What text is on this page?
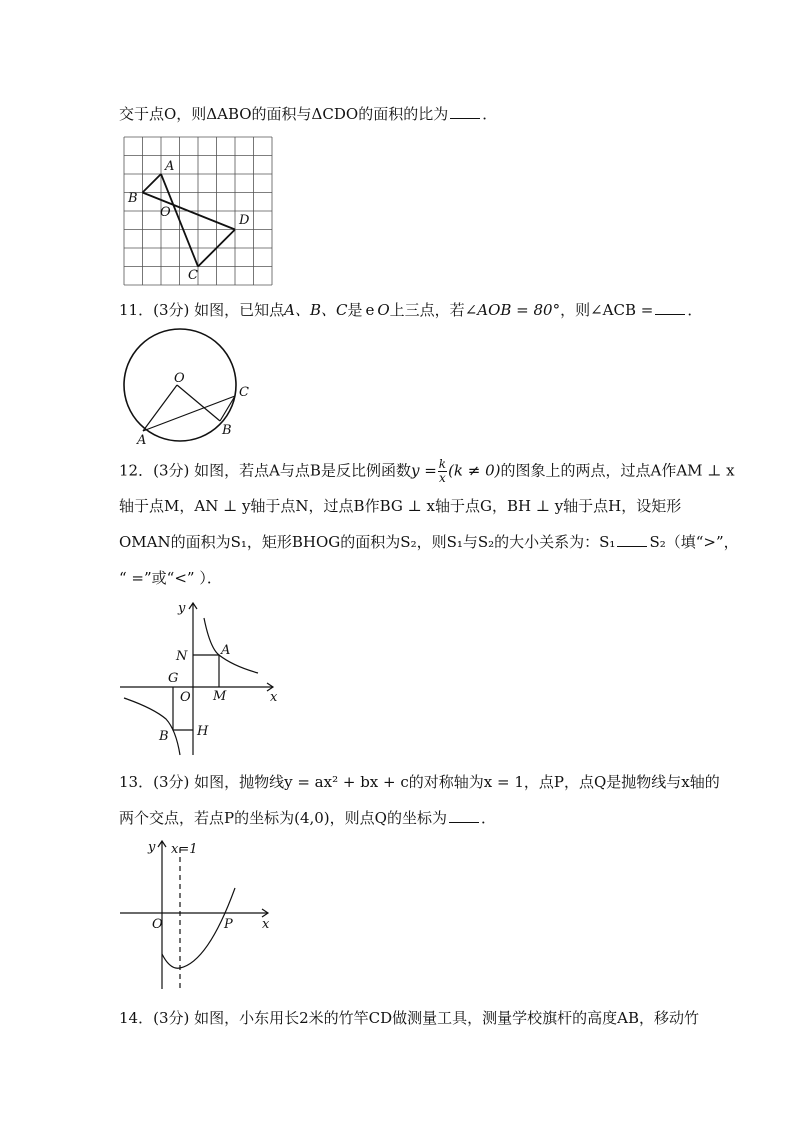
交于点O，则ΔABO的面积与ΔCDO的面积的比为 ．
A
B
O
D
C
11．(3分) 如图，已知点A、B、C是 e O上三点，若∠AOB = 80°，则∠ACB = ．
O
A
B
C
12．(3分) 如图，若点A与点B是反比例函数$y = \frac{k}{x} (k \ne 0)$的图象上的两点，过点A作AM ⊥ x
轴于点M，AN ⊥ y轴于点N，过点B作BG ⊥ x轴于点G，BH ⊥ y轴于点H，设矩形
OMAN的面积为S₁，矩形BHOG的面积为S₂，则S₁与S₂的大小关系为：S₁ S₂（填“>”，
“ =”或“<” ）．
y
x
N	A
G
O M
B H
13．(3分) 如图，抛物线y = ax² + bx + c的对称轴为x = 1，点P，点Q是抛物线与x轴的
两个交点，若点P的坐标为(4,0)，则点Q的坐标为 ．
y x=1
O	P x
14．(3分) 如图，小东用长2米的竹竿CD做测量工具，测量学校旗杆的高度AB，移动竹
